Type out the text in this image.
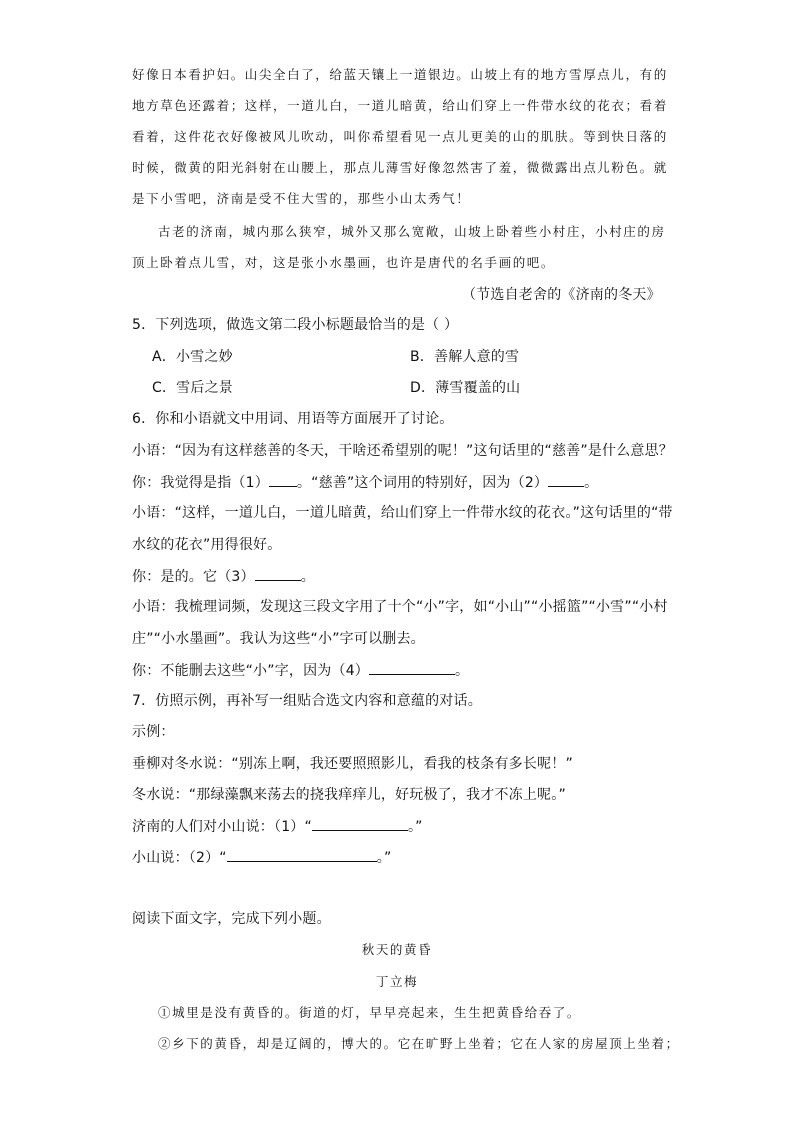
好像日本看护妇。山尖全白了，给蓝天镶上一道银边。山坡上有的地方雪厚点儿，有的
地方草色还露着；这样，一道儿白，一道儿暗黄，给山们穿上一件带水纹的花衣；看着
看着，这件花衣好像被风儿吹动，叫你希望看见一点儿更美的山的肌肤。等到快日落的
时候，微黄的阳光斜射在山腰上，那点儿薄雪好像忽然害了羞，微微露出点儿粉色。就
是下小雪吧，济南是受不住大雪的，那些小山太秀气！
古老的济南，城内那么狭窄，城外又那么宽敞，山坡上卧着些小村庄，小村庄的房
顶上卧着点儿雪，对，这是张小水墨画，也许是唐代的名手画的吧。
（节选自老舍的《济南的冬天》
5．下列选项，做选文第二段小标题最恰当的是（ ）
A．小雪之妙	B．善解人意的雪
C．雪后之景	D．薄雪覆盖的山
6．你和小语就文中用词、用语等方面展开了讨论。
小语：“因为有这样慈善的冬天，干啥还希望别的呢！”这句话里的“慈善”是什么意思？
你：我觉得是指（1） 。“慈善”这个词用的特别好，因为（2）	。
小语：“这样，一道儿白，一道儿暗黄，给山们穿上一件带水纹的花衣。”这句话里的“带
水纹的花衣”用得很好。
你：是的。它（3）	。
小语：我梳理词频，发现这三段文字用了十个“小”字，如“小山”“小摇篮”“小雪”“小村
庄”“小水墨画”。我认为这些“小”字可以删去。
你：不能删去这些“小”字，因为（4）	。
7．仿照示例，再补写一组贴合选文内容和意蕴的对话。
示例：
垂柳对冬水说：“别冻上啊，我还要照照影儿，看我的枝条有多长呢！”
冬水说：“那绿藻飘来荡去的挠我痒痒儿，好玩极了，我才不冻上呢。”
济南的人们对小山说：（1）“	。”
小山说：（2）“	。”
阅读下面文字，完成下列小题。
秋天的黄昏
丁立梅
①城里是没有黄昏的。街道的灯，早早亮起来，生生把黄昏给吞了。
②乡下的黄昏，却是辽阔的，博大的。它在旷野上坐着；它在人家的房屋顶上坐着；
